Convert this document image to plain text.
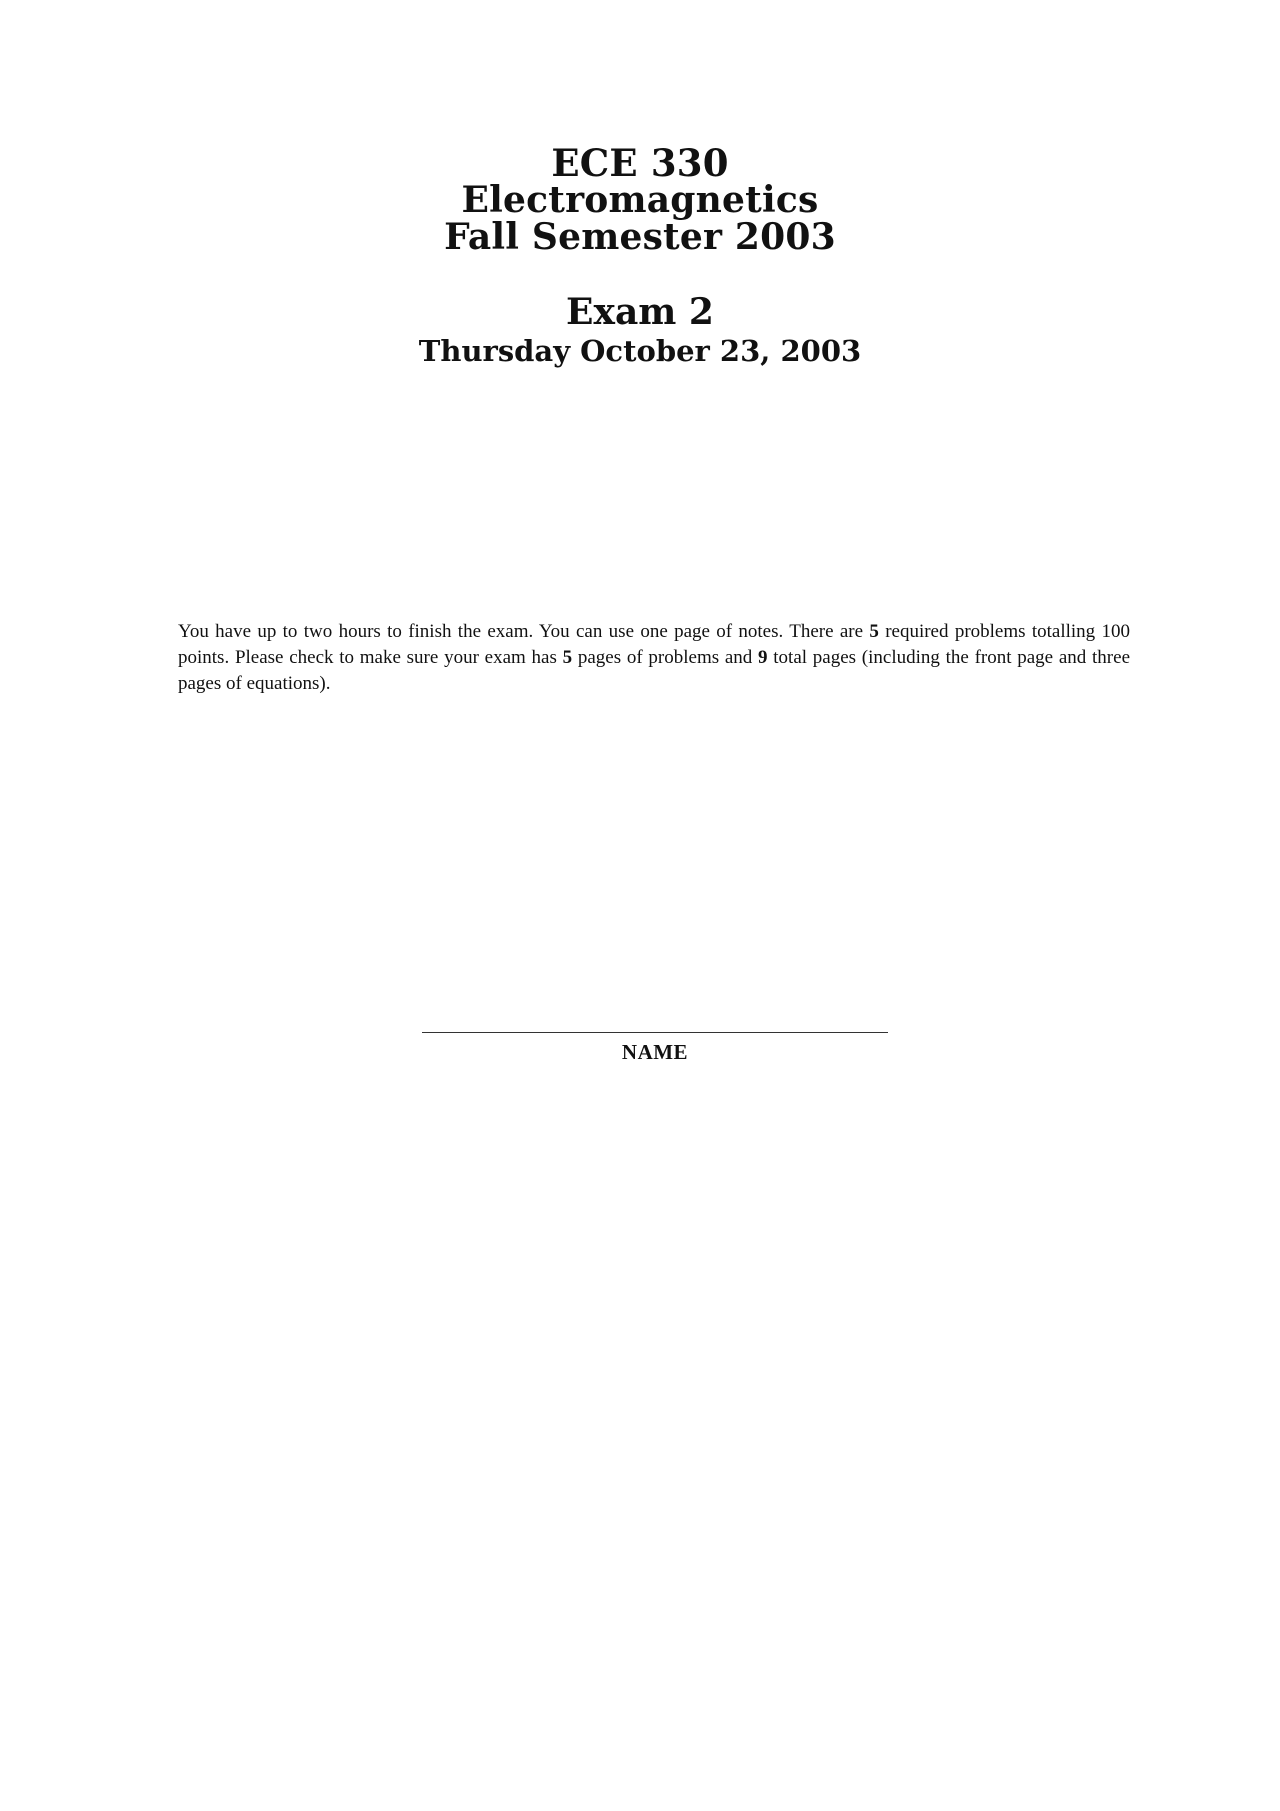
ECE 330
Electromagnetics
Fall Semester 2003
Exam 2
Thursday October 23, 2003

You have up to two hours to finish the exam. You can use one page of notes. There are 5 required problems totalling 100 points. Please check to make sure your exam has 5 pages of problems and 9 total pages (including the front page and three pages of equations).

NAME
